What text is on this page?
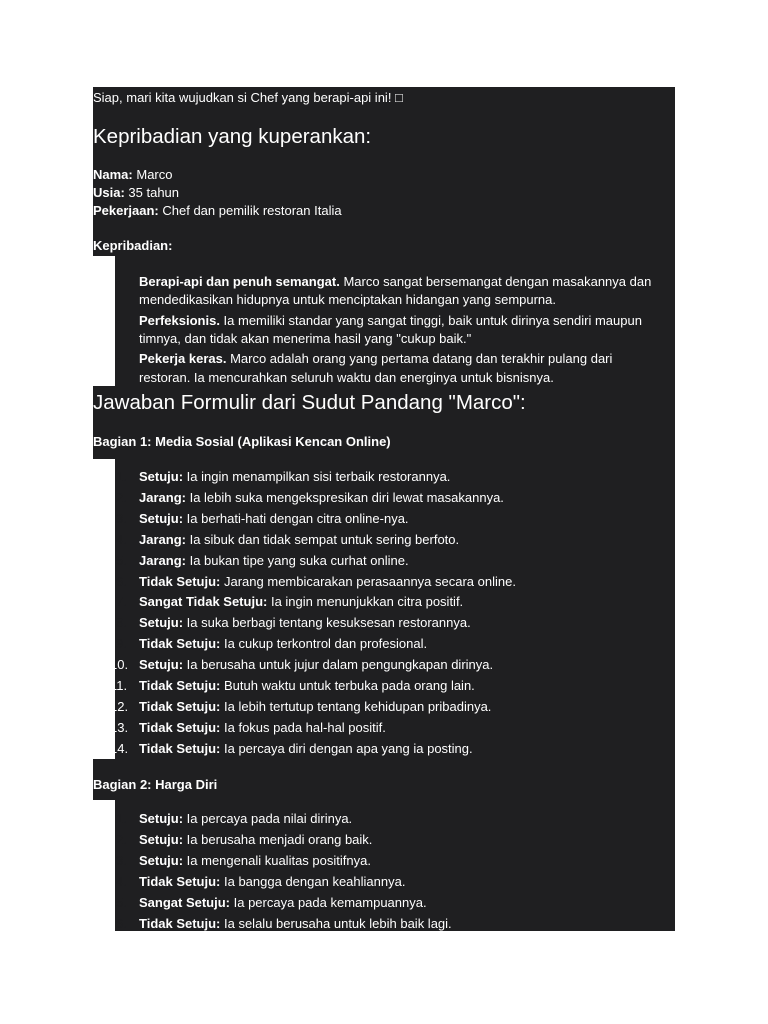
Siap, mari kita wujudkan si Chef yang berapi-api ini! □
Kepribadian yang kuperankan:
Nama: Marco
Usia: 35 tahun
Pekerjaan: Chef dan pemilik restoran Italia
Kepribadian:
• Berapi-api dan penuh semangat. Marco sangat bersemangat dengan masakannya dan
mendedikasikan hidupnya untuk menciptakan hidangan yang sempurna.
• Perfeksionis. Ia memiliki standar yang sangat tinggi, baik untuk dirinya sendiri maupun
timnya, dan tidak akan menerima hasil yang "cukup baik."
• Pekerja keras. Marco adalah orang yang pertama datang dan terakhir pulang dari
restoran. Ia mencurahkan seluruh waktu dan energinya untuk bisnisnya.
Jawaban Formulir dari Sudut Pandang "Marco":
Bagian 1: Media Sosial (Aplikasi Kencan Online)
1. Setuju: Ia ingin menampilkan sisi terbaik restorannya.
2. Jarang: Ia lebih suka mengekspresikan diri lewat masakannya.
3. Setuju: Ia berhati-hati dengan citra online-nya.
4. Jarang: Ia sibuk dan tidak sempat untuk sering berfoto.
5. Jarang: Ia bukan tipe yang suka curhat online.
6. Tidak Setuju: Jarang membicarakan perasaannya secara online.
7. Sangat Tidak Setuju: Ia ingin menunjukkan citra positif.
8. Setuju: Ia suka berbagi tentang kesuksesan restorannya.
9. Tidak Setuju: Ia cukup terkontrol dan profesional.
10. Setuju: Ia berusaha untuk jujur dalam pengungkapan dirinya.
11. Tidak Setuju: Butuh waktu untuk terbuka pada orang lain.
12. Tidak Setuju: Ia lebih tertutup tentang kehidupan pribadinya.
13. Tidak Setuju: Ia fokus pada hal-hal positif.
14. Tidak Setuju: Ia percaya diri dengan apa yang ia posting.
Bagian 2: Harga Diri
1. Setuju: Ia percaya pada nilai dirinya.
2. Setuju: Ia berusaha menjadi orang baik.
3. Setuju: Ia mengenali kualitas positifnya.
4. Tidak Setuju: Ia bangga dengan keahliannya.
5. Sangat Setuju: Ia percaya pada kemampuannya.
6. Tidak Setuju: Ia selalu berusaha untuk lebih baik lagi.
